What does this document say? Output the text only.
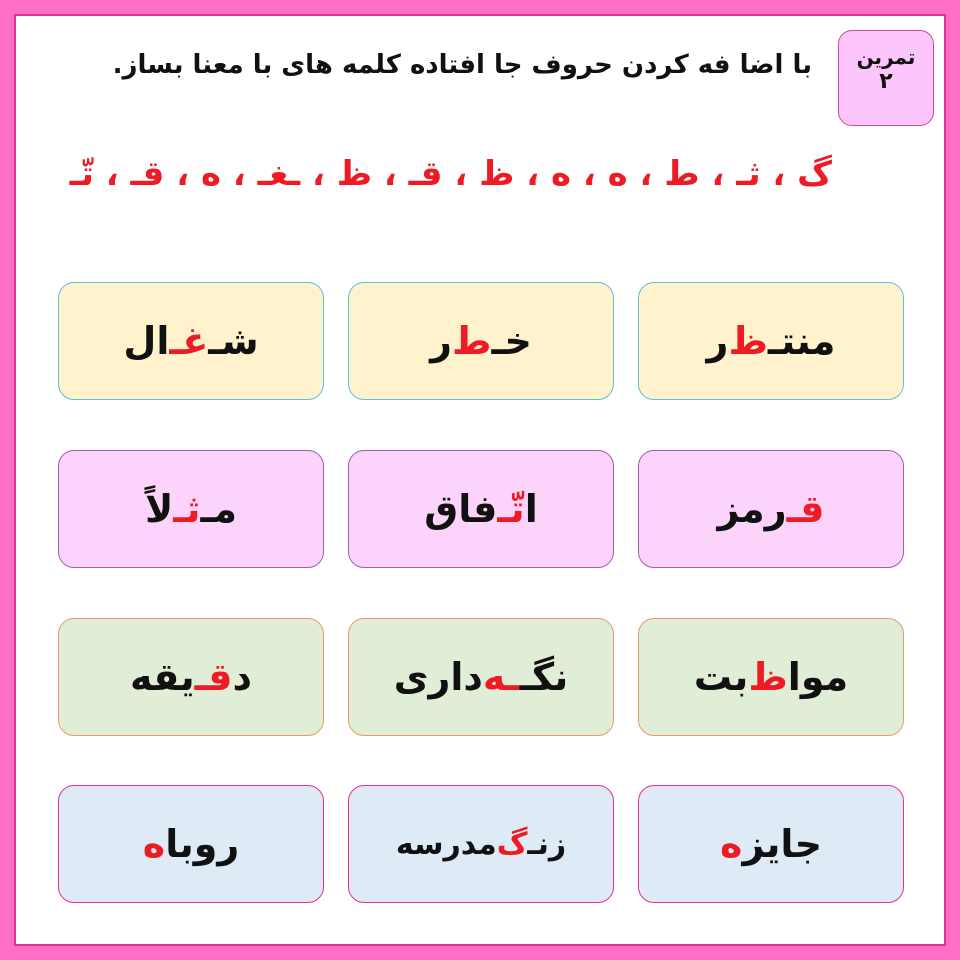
تمرین
۲
با اضا فه کردن حروف جا افتاده کلمه های با معنا بساز.
گ ، ثـ ، ط ، ه ، ه ، ظ ، قـ ، ظ ، ـغـ ، ه ، قـ ، تّـ
منتـ
ظ
ر
خـ
ط
ر
شـ
غـ
ال
قـ
رمز
ا
تّـ
فاق
مـ
ثـ
لاً
موا
ظ
بت
نگـ
ـه
داری
د
قـ
یقه
جایز
ه
زنـ
گ
مدرسه
روبا
ه
